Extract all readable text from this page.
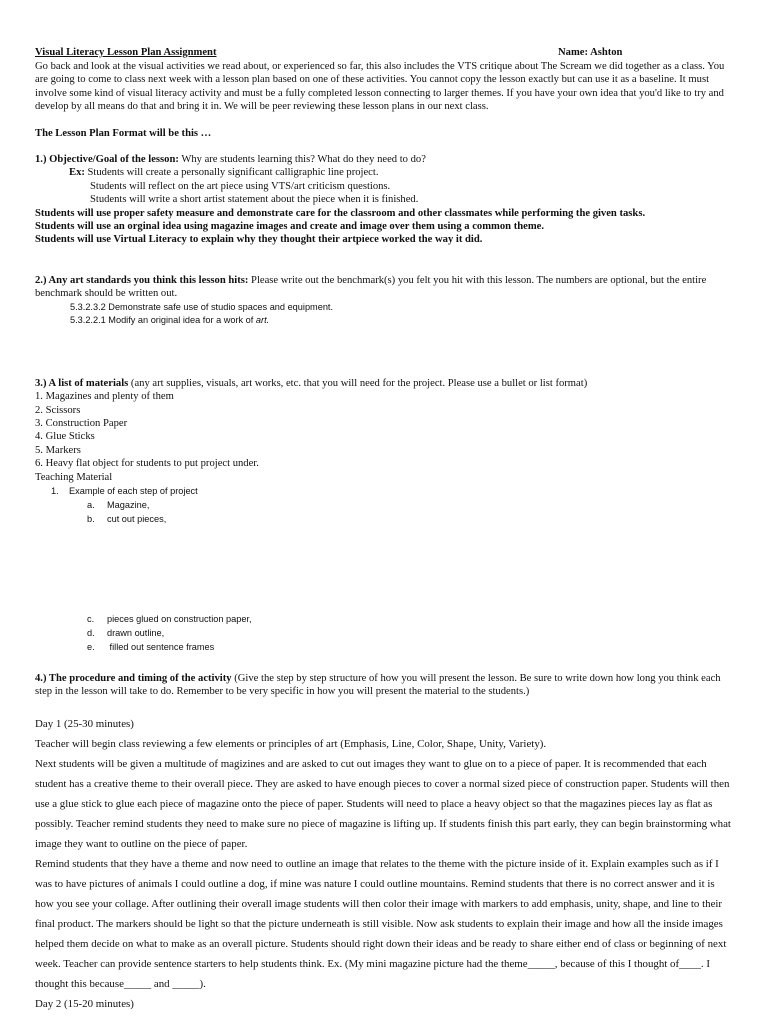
Visual Literacy Lesson Plan Assignment	Name: Ashton

Go back and look at the visual activities we read about, or experienced so far, this also includes the VTS critique about The Scream we did together as a class. You are going to come to class next week with a lesson plan based on one of these activities. You cannot copy the lesson exactly but can use it as a baseline. It must involve some kind of visual literacy activity and must be a fully completed lesson connecting to larger themes. If you have your own idea that you'd like to try and develop by all means do that and bring it in. We will be peer reviewing these lesson plans in our next class.

The Lesson Plan Format will be this …

1.) Objective/Goal of the lesson: Why are students learning this? What do they need to do?

Ex: Students will create a personally significant calligraphic line project.

Students will reflect on the art piece using VTS/art criticism questions.

Students will write a short artist statement about the piece when it is finished.

Students will use proper safety measure and demonstrate care for the classroom and other classmates while performing the given tasks.

Students will use an orginal idea using magazine images and create and image over them using a common theme.

Students will use Virtual Literacy to explain why they thought their artpiece worked the way it did.

2.) Any art standards you think this lesson hits: Please write out the benchmark(s) you felt you hit with this lesson. The numbers are optional, but the entire benchmark should be written out.

5.3.2.3.2 Demonstrate safe use of studio spaces and equipment.

5.3.2.2.1 Modify an original idea for a work of art.

3.) A list of materials (any art supplies, visuals, art works, etc. that you will need for the project. Please use a bullet or list format)

1. Magazines and plenty of them

2. Scissors

3. Construction Paper

4. Glue Sticks

5. Markers

6. Heavy flat object for students to put project under.

Teaching Material

1. Example of each step of project

a. Magazine,

b. cut out pieces,

c. pieces glued on construction paper,

d. drawn outline,

e. filled out sentence frames

4.) The procedure and timing of the activity (Give the step by step structure of how you will present the lesson. Be sure to write down how long you think each step in the lesson will take to do. Remember to be very specific in how you will present the material to the students.)

Day 1 (25-30 minutes)

Teacher will begin class reviewing a few elements or principles of art (Emphasis, Line, Color, Shape, Unity, Variety).

Next students will be given a multitude of magizines and are asked to cut out images they want to glue on to a piece of paper. It is recommended that each student has a creative theme to their overall piece. They are asked to have enough pieces to cover a normal sized piece of construction paper. Students will then use a glue stick to glue each piece of magazine onto the piece of paper. Students will need to place a heavy object so that the magazines pieces lay as flat as possibly. Teacher remind students they need to make sure no piece of magazine is lifting up. If students finish this part early, they can begin brainstorming what image they want to outline on the piece of paper.

Remind students that they have a theme and now need to outline an image that relates to the theme with the picture inside of it. Explain examples such as if I was to have pictures of animals I could outline a dog, if mine was nature I could outline mountains. Remind students that there is no correct answer and it is how you see your collage. After outlining their overall image students will then color their image with markers to add emphasis, unity, shape, and line to their final product. The markers should be light so that the picture underneath is still visible. Now ask students to explain their image and how all the inside images helped them decide on what to make as an overall picture. Students should right down their ideas and be ready to share either end of class or beginning of next week. Teacher can provide sentence starters to help students think. Ex. (My mini magazine picture had the theme_____, because of this I thought of____. I thought this because_____ and _____).

Day 2 (15-20 minutes)
